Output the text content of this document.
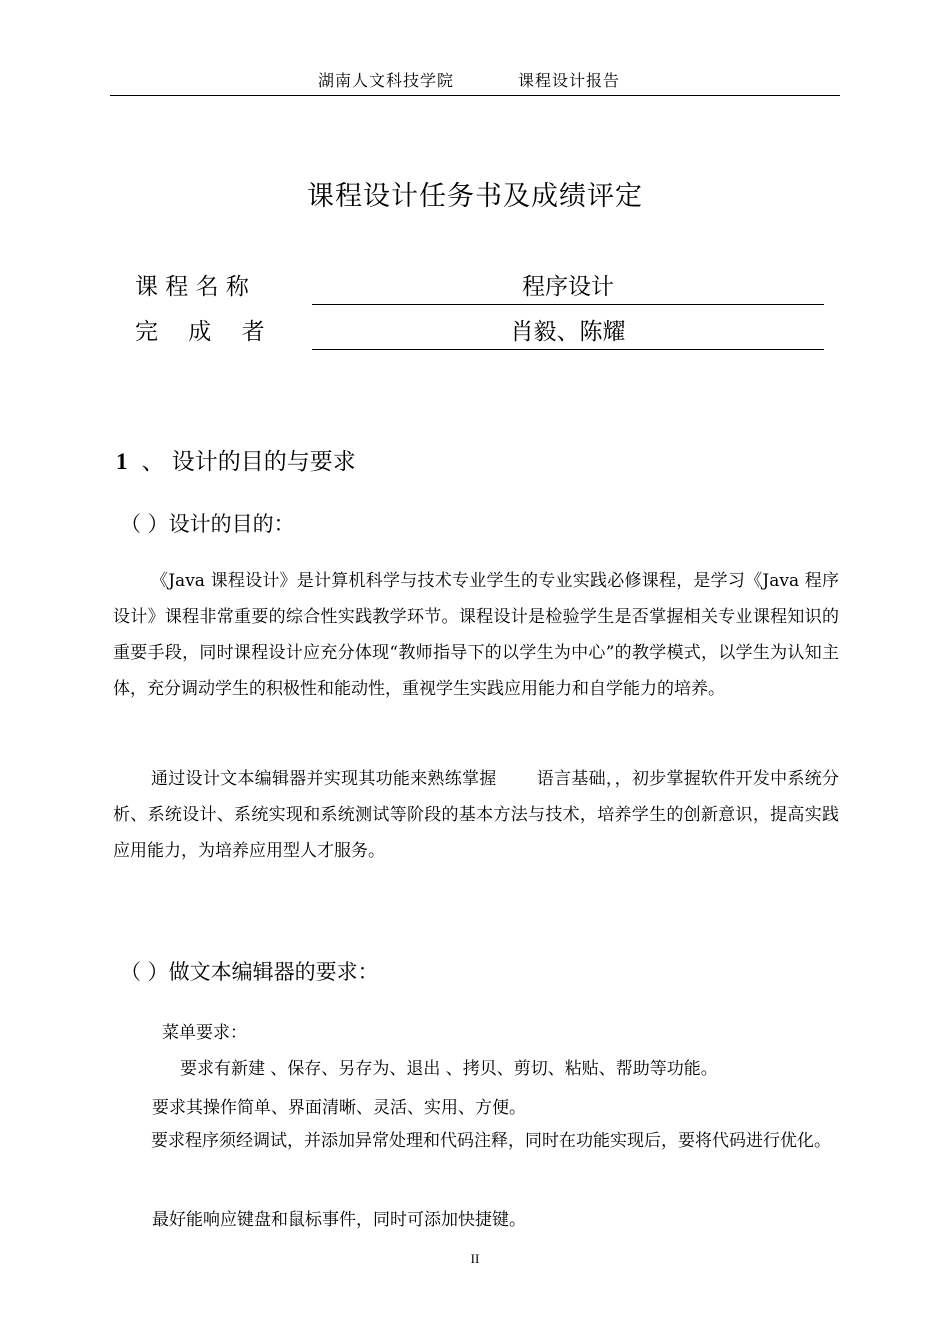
湖南人文科技学院	课程设计报告
课程设计任务书及成绩评定
课 程 名 称	程序设计
完　 成　 者	肖毅、陈耀
1 、 设计的目的与要求
（ ）设计的目的：

《Java 课程设计》是计算机科学与技术专业学生的专业实践必修课程，是学习《Java 程序设计》课程非常重要的综合性实践教学环节。课程设计是检验学生是否掌握相关专业课程知识的重要手段，同时课程设计应充分体现“教师指导下的以学生为中心”的教学模式，以学生为认知主体，充分调动学生的积极性和能动性，重视学生实践应用能力和自学能力的培养。

通过设计文本编辑器并实现其功能来熟练掌握　　 语言基础，，初步掌握软件开发中系统分析、系统设计、系统实现和系统测试等阶段的基本方法与技术，培养学生的创新意识，提高实践应用能力，为培养应用型人才服务。

（ ）做文本编辑器的要求：
菜单要求：
要求有新建 、保存、另存为、退出 、拷贝、剪切、粘贴、帮助等功能。
要求其操作简单、界面清晰、灵活、实用、方便。

要求程序须经调试，并添加异常处理和代码注释，同时在功能实现后，要将代码进行优化。

最好能响应键盘和鼠标事件，同时可添加快捷键。
II
